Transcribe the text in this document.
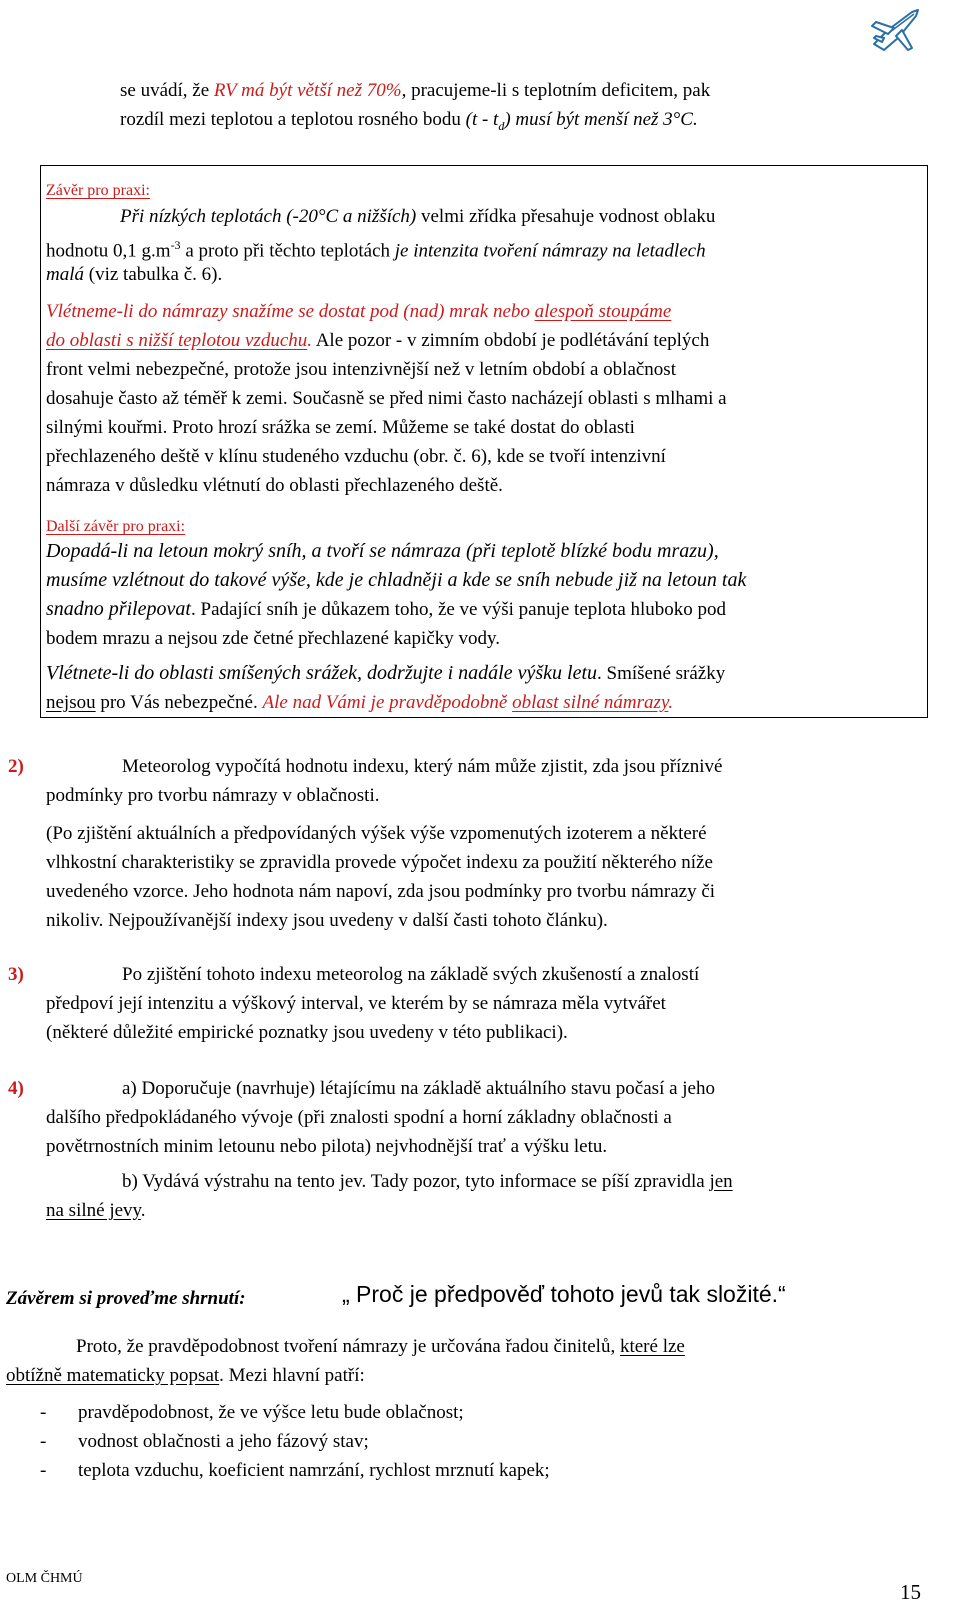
se uvádí, že RV má být větší než 70%, pracujeme-li s teplotním deficitem, pak
rozdíl mezi teplotou a teplotou rosného bodu $(t - t_d)$ musí být menší než 3°C.
Závěr pro praxi:
Při nízkých teplotách (-20°C a nižších) velmi zřídka přesahuje vodnost oblaku
hodnotu 0,1 $g.m^{-3}$ a proto při těchto teplotách je intenzita tvoření námrazy na letadlech
malá (viz tabulka č. 6).
Vlétneme-li do námrazy snažíme se dostat pod (nad) mrak nebo alespoň stoupáme
do oblasti s nižší teplotou vzduchu. Ale pozor - v zimním období je podlétávání teplých
front velmi nebezpečné, protože jsou intenzivnější než v letním období a oblačnost
dosahuje často až téměř k zemi. Současně se před nimi často nacházejí oblasti s mlhami a
silnými kouřmi. Proto hrozí srážka se zemí. Můžeme se také dostat do oblasti
přechlazeného deště v klínu studeného vzduchu (obr. č. 6), kde se tvoří intenzivní
námraza v důsledku vlétnutí do oblasti přechlazeného deště.
Další závěr pro praxi:
Dopadá-li na letoun mokrý sníh, a tvoří se námraza (při teplotě blízké bodu mrazu),
musíme vzlétnout do takové výše, kde je chladněji a kde se sníh nebude již na letoun tak
snadno přilepovat. Padající sníh je důkazem toho, že ve výši panuje teplota hluboko pod
bodem mrazu a nejsou zde četné přechlazené kapičky vody.
Vlétnete-li do oblasti smíšených srážek, dodržujte i nadále výšku letu. Smíšené srážky
nejsou pro Vás nebezpečné. Ale nad Vámi je pravděpodobně oblast silné námrazy.
2)	Meteorolog vypočítá hodnotu indexu, který nám může zjistit, zda jsou příznivé
podmínky pro tvorbu námrazy v oblačnosti.
(Po zjištění aktuálních a předpovídaných výšek výše vzpomenutých izoterem a některé
vlhkostní charakteristiky se zpravidla provede výpočet indexu za použití některého níže
uvedeného vzorce. Jeho hodnota nám napoví, zda jsou podmínky pro tvorbu námrazy či
nikoliv. Nejpoužívanější indexy jsou uvedeny v další časti tohoto článku).
3)	Po zjištění tohoto indexu meteorolog na základě svých zkušeností a znalostí
předpoví její intenzitu a výškový interval, ve kterém by se námraza měla vytvářet
(některé důležité empirické poznatky jsou uvedeny v této publikaci).
4)	a) Doporučuje (navrhuje) létajícímu na základě aktuálního stavu počasí a jeho
dalšího předpokládaného vývoje (při znalosti spodní a horní základny oblačnosti a
povětrnostních minim letounu nebo pilota) nejvhodnější trať a výšku letu.
b) Vydává výstrahu na tento jev. Tady pozor, tyto informace se píší zpravidla jen
na silné jevy.
Závěrem si proveďme shrnutí:	„ Proč je předpověď tohoto jevů tak složité.“
Proto, že pravděpodobnost tvoření námrazy je určována řadou činitelů, které lze
obtížně matematicky popsat. Mezi hlavní patří:
- pravděpodobnost, že ve výšce letu bude oblačnost;
- vodnost oblačnosti a jeho fázový stav;
- teplota vzduchu, koeficient namrzání, rychlost mrznutí kapek;
OLM ČHMÚ
15
